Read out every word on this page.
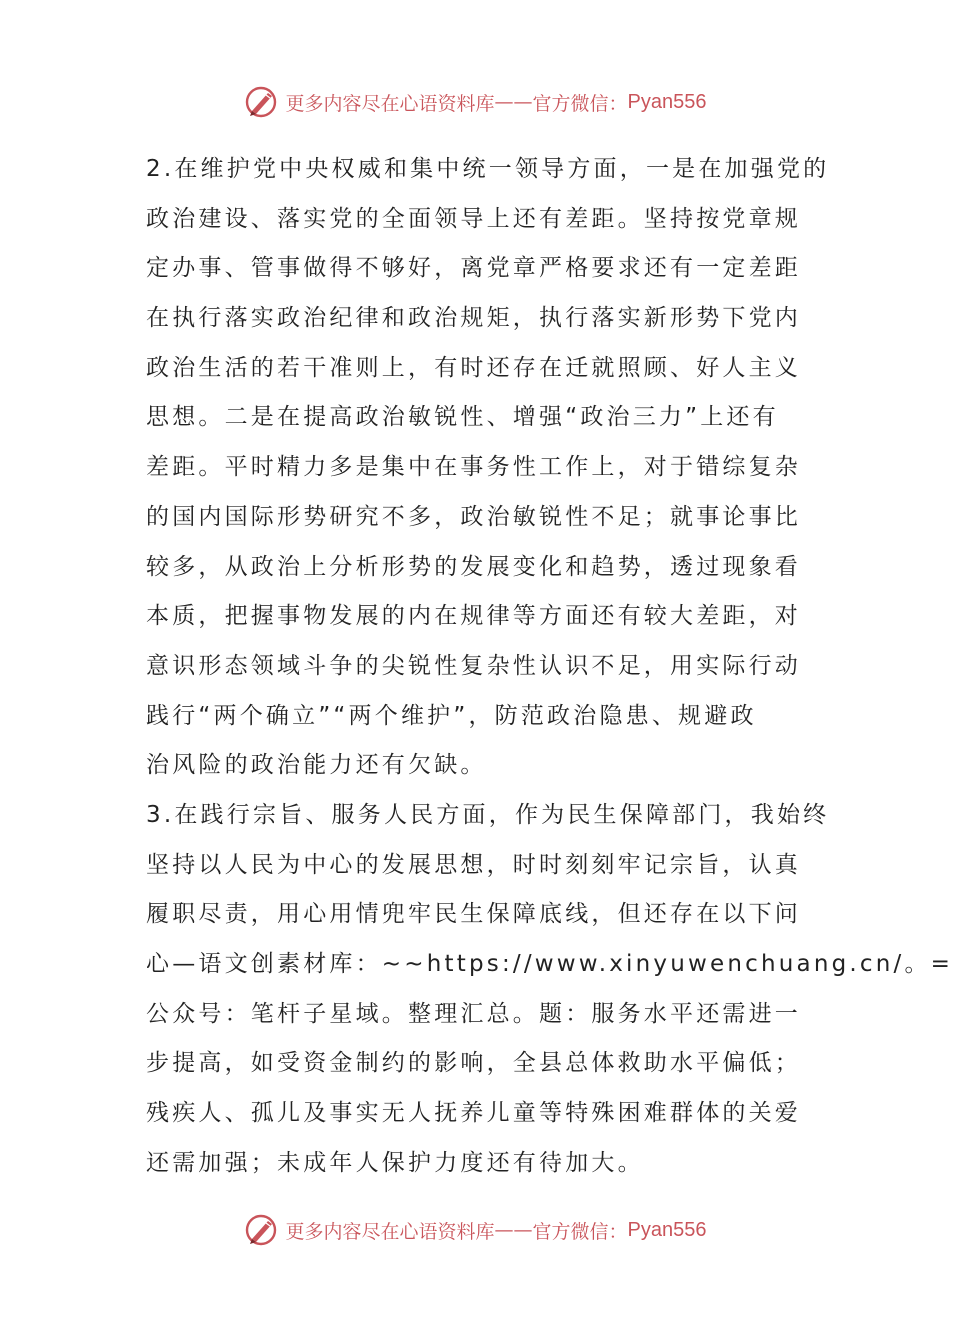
更多内容尽在心语资料库 —— 官方微信： Pyan556
2.在维护党中央权威和集中统一领导方面，一是在加强党的
政治建设、落实党的全面领导上还有差距。坚持按党章规
定办事、管事做得不够好，离党章严格要求还有一定差距
在执行落实政治纪律和政治规矩，执行落实新形势下党内
政治生活的若干准则上，有时还存在迁就照顾、好人主义
思想。二是在提高政治敏锐性、增强“政治三力”上还有
差距。平时精力多是集中在事务性工作上，对于错综复杂
的国内国际形势研究不多，政治敏锐性不足；就事论事比
较多，从政治上分析形势的发展变化和趋势，透过现象看
本质，把握事物发展的内在规律等方面还有较大差距，对
意识形态领域斗争的尖锐性复杂性认识不足，用实际行动
践行“两个确立”“两个维护”，防范政治隐患、规避政
治风险的政治能力还有欠缺。
3.在践行宗旨、服务人民方面，作为民生保障部门，我始终
坚持以人民为中心的发展思想，时时刻刻牢记宗旨，认真
履职尽责，用心用情兜牢民生保障底线，但还存在以下问
心—语文创素材库：~~https://www.xinyuwenchuang.cn/。=
公众号：笔杆子星域。整理汇总。题：服务水平还需进一
步提高，如受资金制约的影响，全县总体救助水平偏低；
残疾人、孤儿及事实无人抚养儿童等特殊困难群体的关爱
还需加强；未成年人保护力度还有待加大。
更多内容尽在心语资料库 —— 官方微信： Pyan556
